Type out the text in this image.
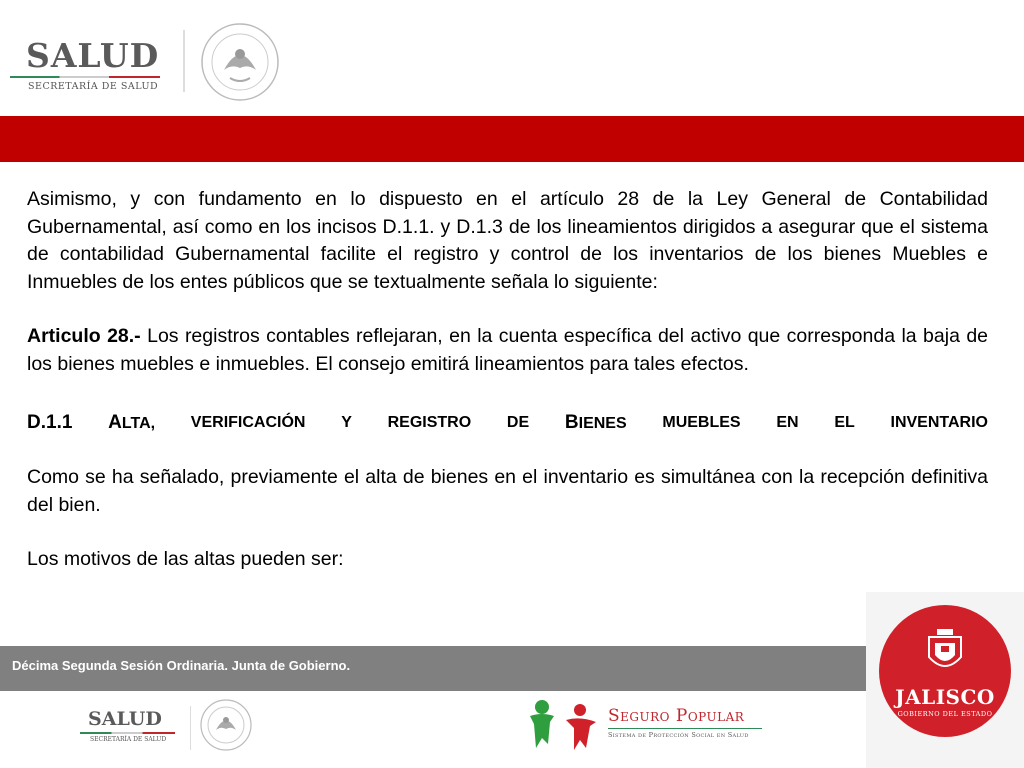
SALUD
SECRETARÍA DE SALUD

Asimismo, y con fundamento en lo dispuesto en el artículo 28 de la Ley General de Contabilidad Gubernamental, así como en los incisos D.1.1. y D.1.3 de los lineamientos dirigidos a asegurar que el sistema de contabilidad Gubernamental facilite el registro y control de los inventarios de los bienes Muebles e Inmuebles de los entes públicos que se textualmente señala lo siguiente:

Articulo 28.- Los registros contables reflejaran, en la cuenta específica del activo que corresponda la baja de los bienes muebles e inmuebles. El consejo emitirá lineamientos para tales efectos.

D.1.1 ALTA, VERIFICACIÓN Y REGISTRO DE BIENES MUEBLES EN EL INVENTARIO

Como se ha señalado, previamente el alta de bienes en el inventario es simultánea con la recepción definitiva del bien.

Los motivos de las altas pueden ser:

Décima Segunda Sesión Ordinaria. Junta de Gobierno.
SALUD
SECRETARÍA DE SALUD
Seguro Popular
Sistema de Protección Social en Salud
JALISCO
GOBIERNO DEL ESTADO
